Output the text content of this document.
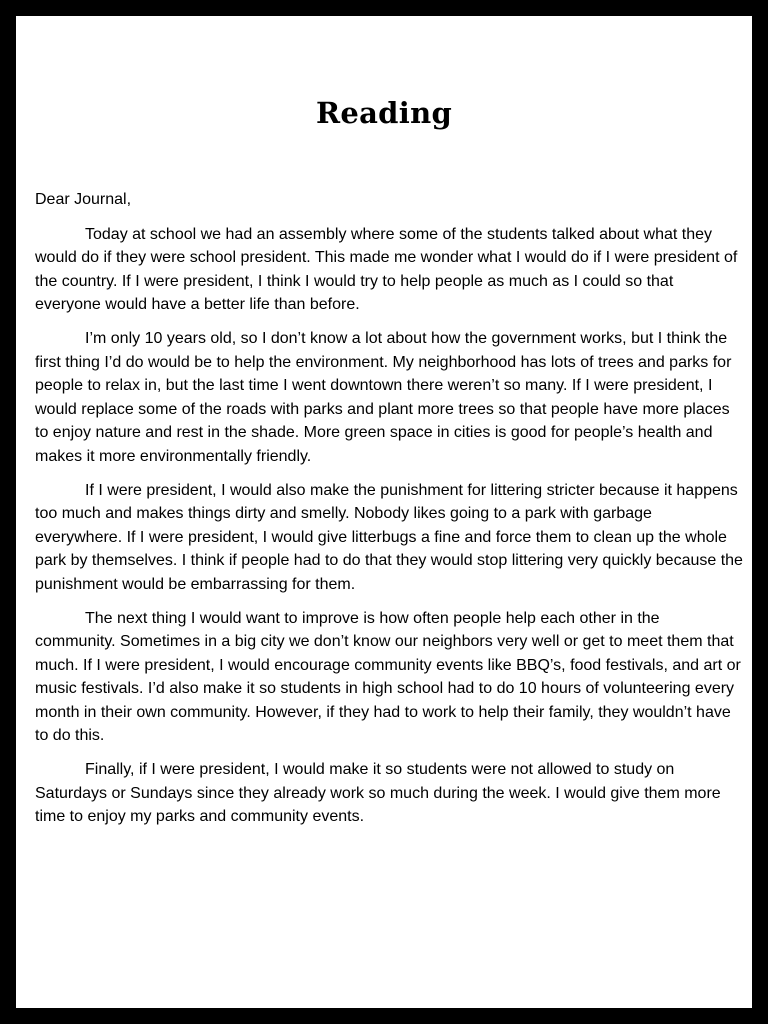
Reading

Dear Journal,

Today at school we had an assembly where some of the students talked about what they would do if they were school president. This made me wonder what I would do if I were president of the country. If I were president, I think I would try to help people as much as I could so that everyone would have a better life than before.

I’m only 10 years old, so I don’t know a lot about how the government works, but I think the first thing I’d do would be to help the environment. My neighborhood has lots of trees and parks for people to relax in, but the last time I went downtown there weren’t so many. If I were president, I would replace some of the roads with parks and plant more trees so that people have more places to enjoy nature and rest in the shade. More green space in cities is good for people’s health and makes it more environmentally friendly.

If I were president, I would also make the punishment for littering stricter because it happens too much and makes things dirty and smelly. Nobody likes going to a park with garbage everywhere. If I were president, I would give litterbugs a fine and force them to clean up the whole park by themselves. I think if people had to do that they would stop littering very quickly because the punishment would be embarrassing for them.

The next thing I would want to improve is how often people help each other in the community. Sometimes in a big city we don’t know our neighbors very well or get to meet them that much. If I were president, I would encourage community events like BBQ’s, food festivals, and art or music festivals. I’d also make it so students in high school had to do 10 hours of volunteering every month in their own community. However, if they had to work to help their family, they wouldn’t have to do this.

Finally, if I were president, I would make it so students were not allowed to study on Saturdays or Sundays since they already work so much during the week. I would give them more time to enjoy my parks and community events.
